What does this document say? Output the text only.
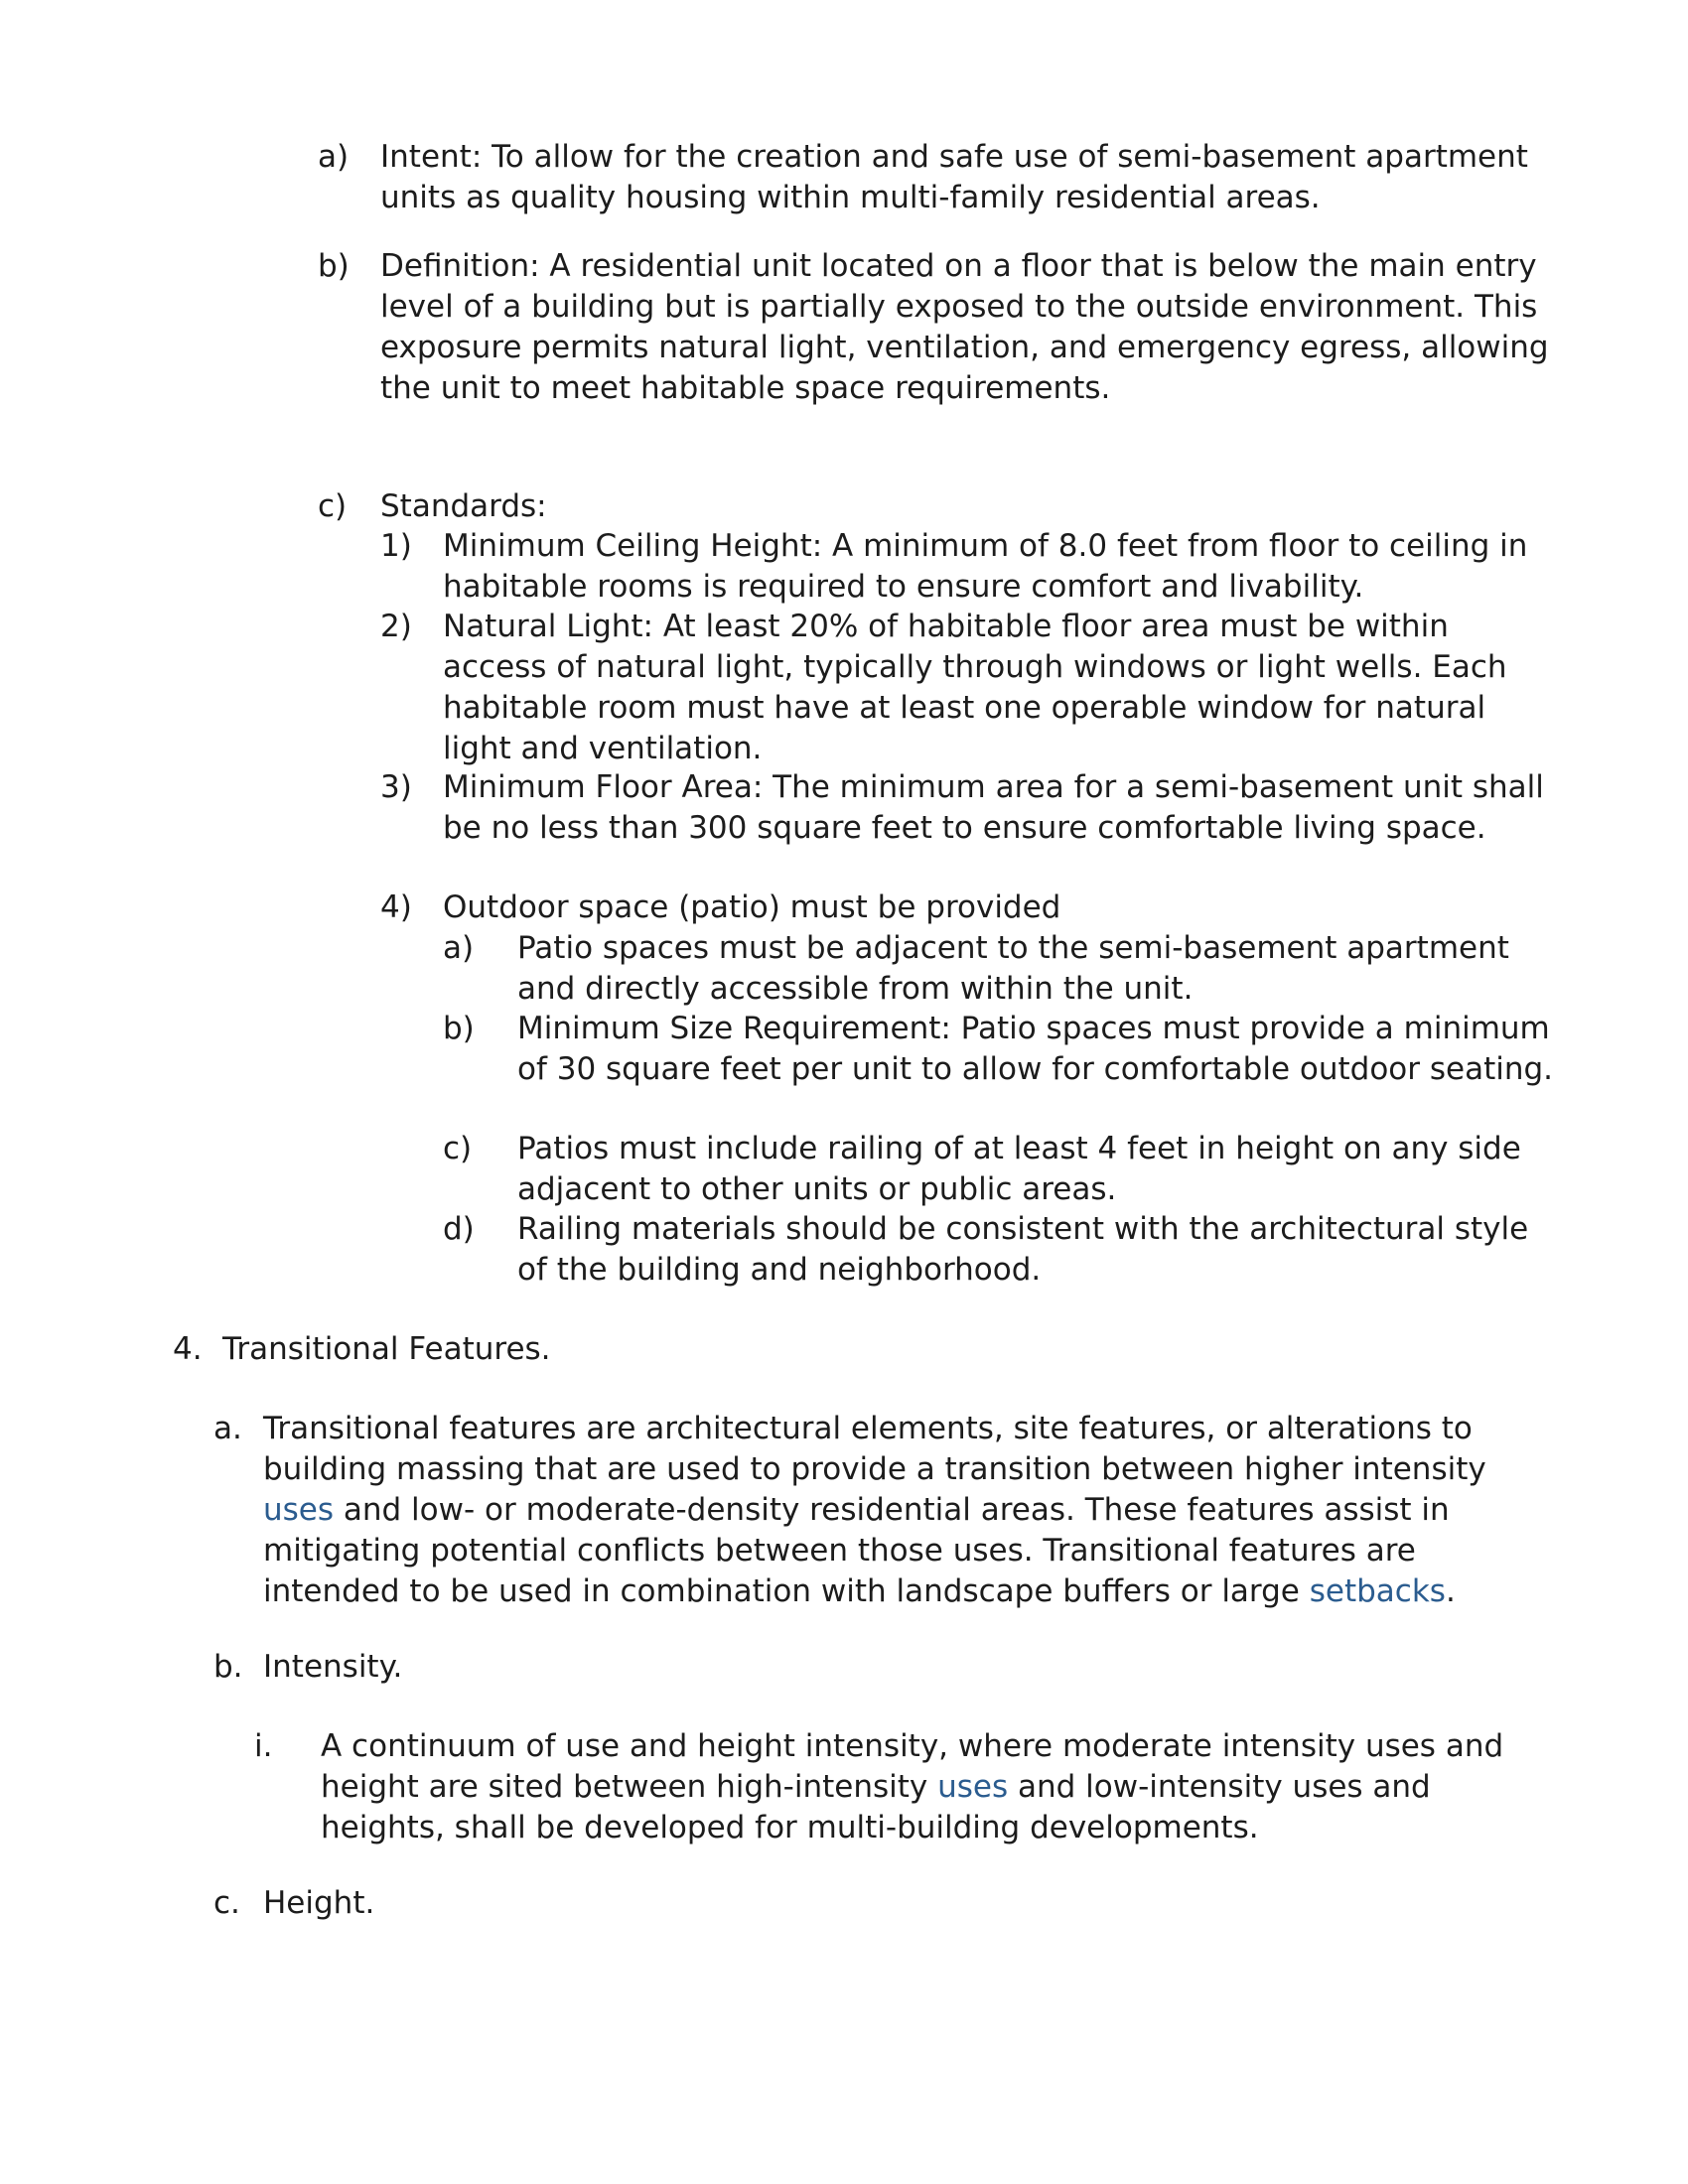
a) Intent: To allow for the creation and safe use of semi-basement apartment units as quality housing within multi-family residential areas.

b) Definition: A residential unit located on a floor that is below the main entry level of a building but is partially exposed to the outside environment. This exposure permits natural light, ventilation, and emergency egress, allowing the unit to meet habitable space requirements.

c) Standards:

1) Minimum Ceiling Height: A minimum of 8.0 feet from floor to ceiling in habitable rooms is required to ensure comfort and livability.

2) Natural Light: At least 20% of habitable floor area must be within access of natural light, typically through windows or light wells. Each habitable room must have at least one operable window for natural light and ventilation.

3) Minimum Floor Area: The minimum area for a semi-basement unit shall be no less than 300 square feet to ensure comfortable living space.

4) Outdoor space (patio) must be provided

a) Patio spaces must be adjacent to the semi-basement apartment and directly accessible from within the unit.

b) Minimum Size Requirement: Patio spaces must provide a minimum of 30 square feet per unit to allow for comfortable outdoor seating.

c) Patios must include railing of at least 4 feet in height on any side adjacent to other units or public areas.

d) Railing materials should be consistent with the architectural style of the building and neighborhood.

4. Transitional Features.

a. Transitional features are architectural elements, site features, or alterations to building massing that are used to provide a transition between higher intensity uses and low- or moderate-density residential areas. These features assist in mitigating potential conflicts between those uses. Transitional features are intended to be used in combination with landscape buffers or large setbacks.

b. Intensity.

i. A continuum of use and height intensity, where moderate intensity uses and height are sited between high-intensity uses and low-intensity uses and heights, shall be developed for multi-building developments.

c. Height.
